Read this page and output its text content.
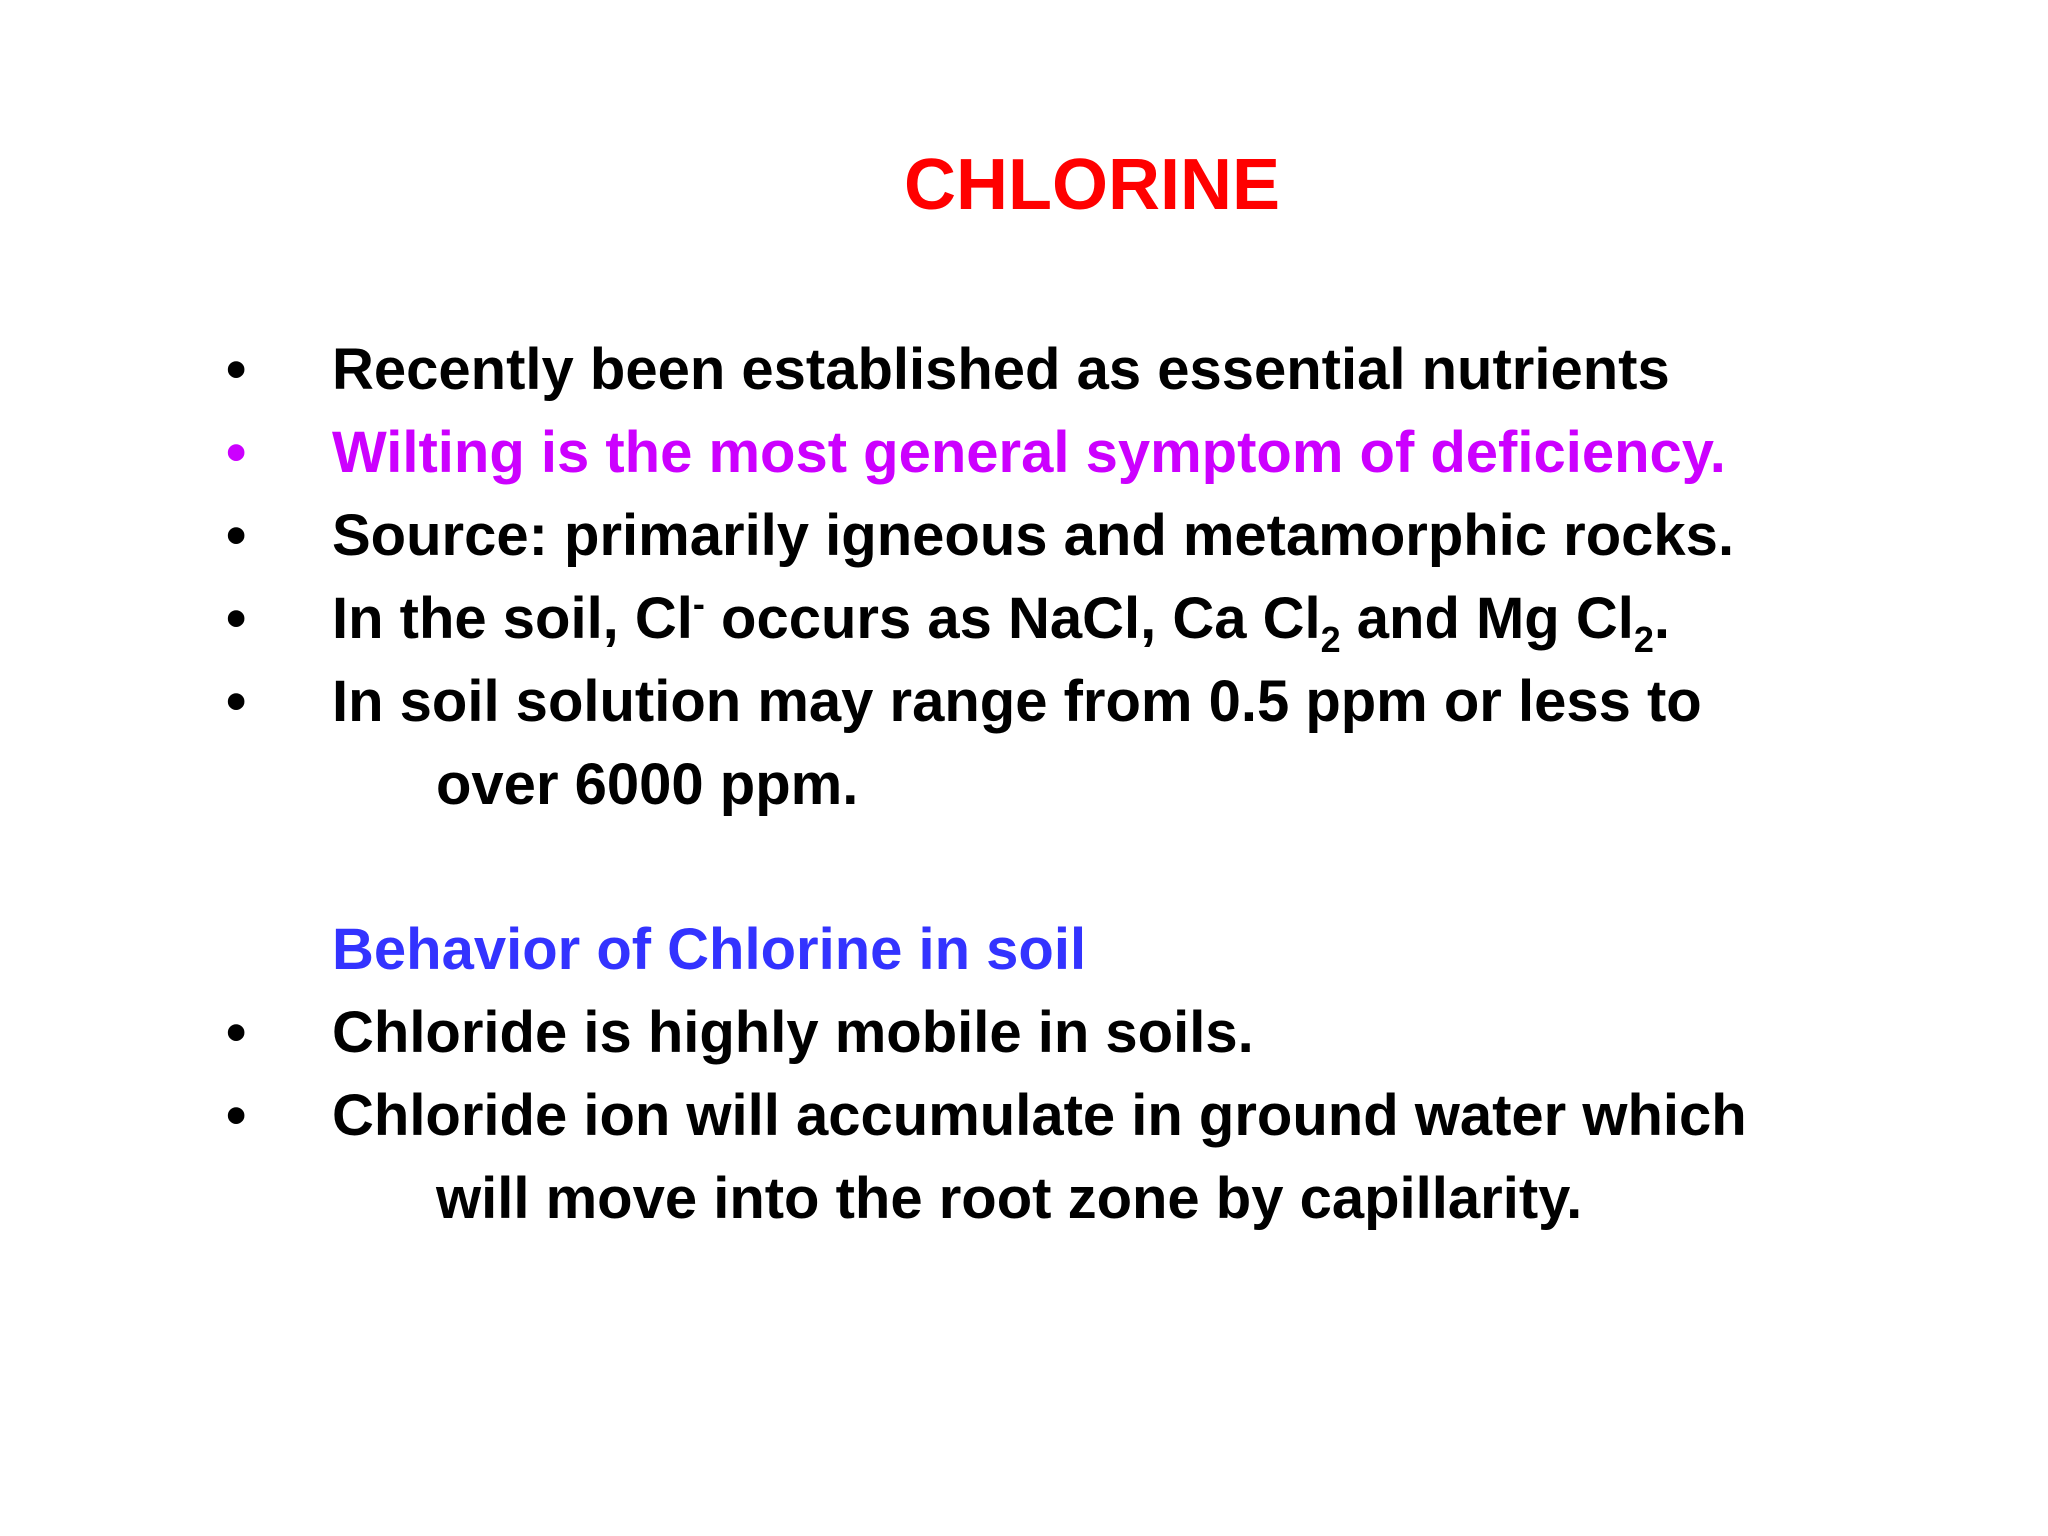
CHLORINE
• Recently been established as essential nutrients
• Wilting is the most general symptom of deficiency.
• Source: primarily igneous and metamorphic rocks.
• In the soil, Cl- occurs as NaCl, Ca $Cl_2$ and Mg $Cl_2$.
• In soil solution may range from 0.5 ppm or less to
over 6000 ppm.
Behavior of Chlorine in soil
• Chloride is highly mobile in soils.
• Chloride ion will accumulate in ground water which
will move into the root zone by capillarity.
